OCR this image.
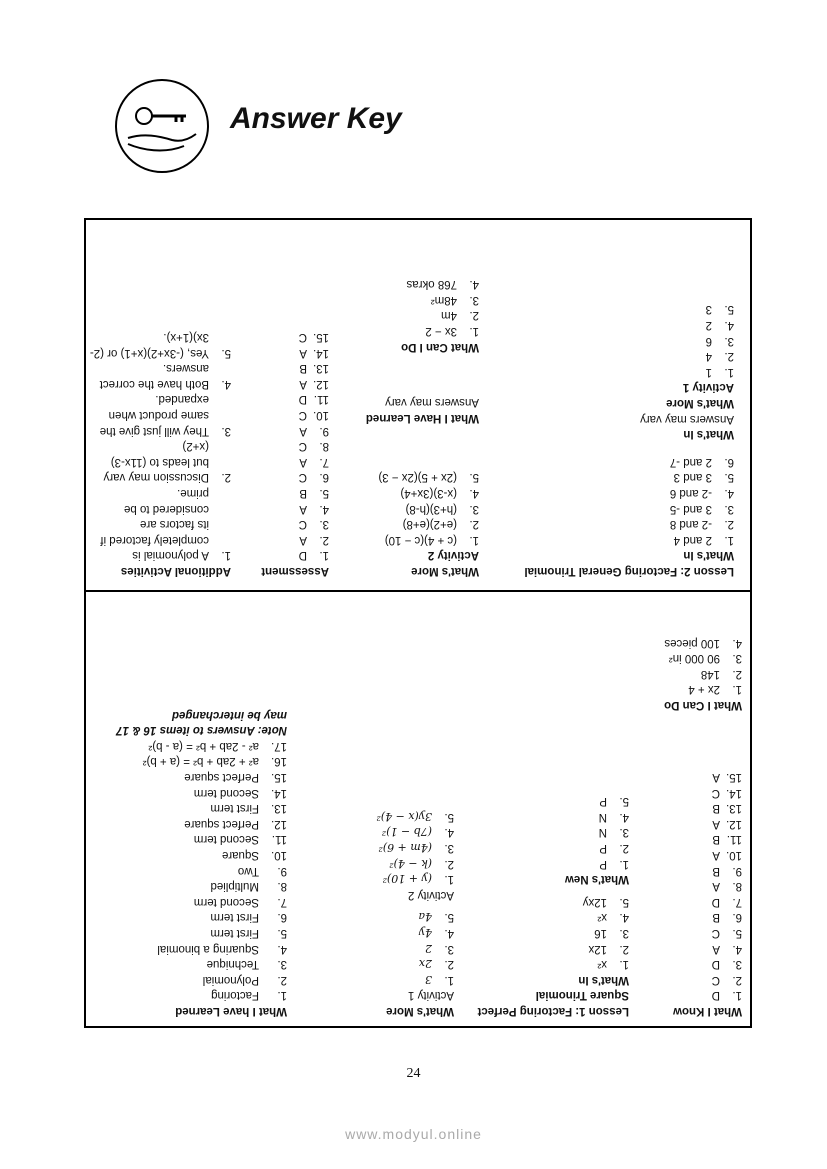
Answer Key
What I Know
1.
D
2.
C
3.
D
4.
A
5.
C
6.
B
7.
D
8.
A
9.
B
10.
A
11.
B
12.
A
13.
B
14.
C
15.
A
Lesson 1: Factoring Perfect
Square Trinomial
What's In
1.
x²
2.
12x
3.
16
4.
x²
5.
12xy
What's New
1.
P
2.
P
3.
N
4.
N
5.
P
What's More
Activity 1
1.
3
2.
2x
3.
2
4.
4y
5.
4a
Activity 2
1.
(y + 10)²
2.
(k − 4)²
3.
(4m + 6)²
4.
(7b − 1)²
5.
3y(x − 4)²
What I have Learned
1.
Factoring
2.
Polynomial
3.
Technique
4.
Squaring a binomial
5.
First term
6.
First term
7.
Second term
8.
Multiplied
9.
Two
10.
Square
11.
Second term
12.
Perfect square
13.
First term
14.
Second term
15.
Perfect square
16.
a² + 2ab + b² = (a + b)²
17.
a² - 2ab + b² = (a - b)²
Note: Answers to items 16 & 17 may be interchanged
What I Can Do
1.
2x + 4
2.
148
3.
90 000 in²
4.
100 pieces
Lesson 2: Factoring General Trinomial
What's In
1.
2 and 4
2.
-2 and 8
3.
3 and -5
4.
-2 and 6
5.
3 and 3
6.
2 and -7
What's In
Answers may vary
What's More
Activity 1
1.
1
2.
4
3.
6
4.
2
5.
3
What's More
Activity 2
1.
(c + 4)(c − 10)
2.
(e+2)(e+8)
3.
(h+3)(h-8)
4.
(x-3)(3x+4)
5.
(2x + 5)(2x − 3)
What I Have Learned
Answers may vary
What Can I Do
1.
3x − 2
2.
4m
3.
48m²
4.
768 okras
Assessment
1.
D
2.
A
3.
C
4.
A
5.
B
6.
C
7.
A
8.
C
9.
A
10.
C
11.
D
12.
A
13.
B
14.
A
15.
C
Additional Activities
1.
A polynomial is completely factored if its factors are considered to be prime.
2.
Discussion may vary but leads to (11x-3)(x+2)
3.
They will just give the same product when expanded.
4.
Both have the correct answers.
5.
Yes, (-3x+2)(x+1) or (2-3x)(1+x).
24
www.modyul.online
